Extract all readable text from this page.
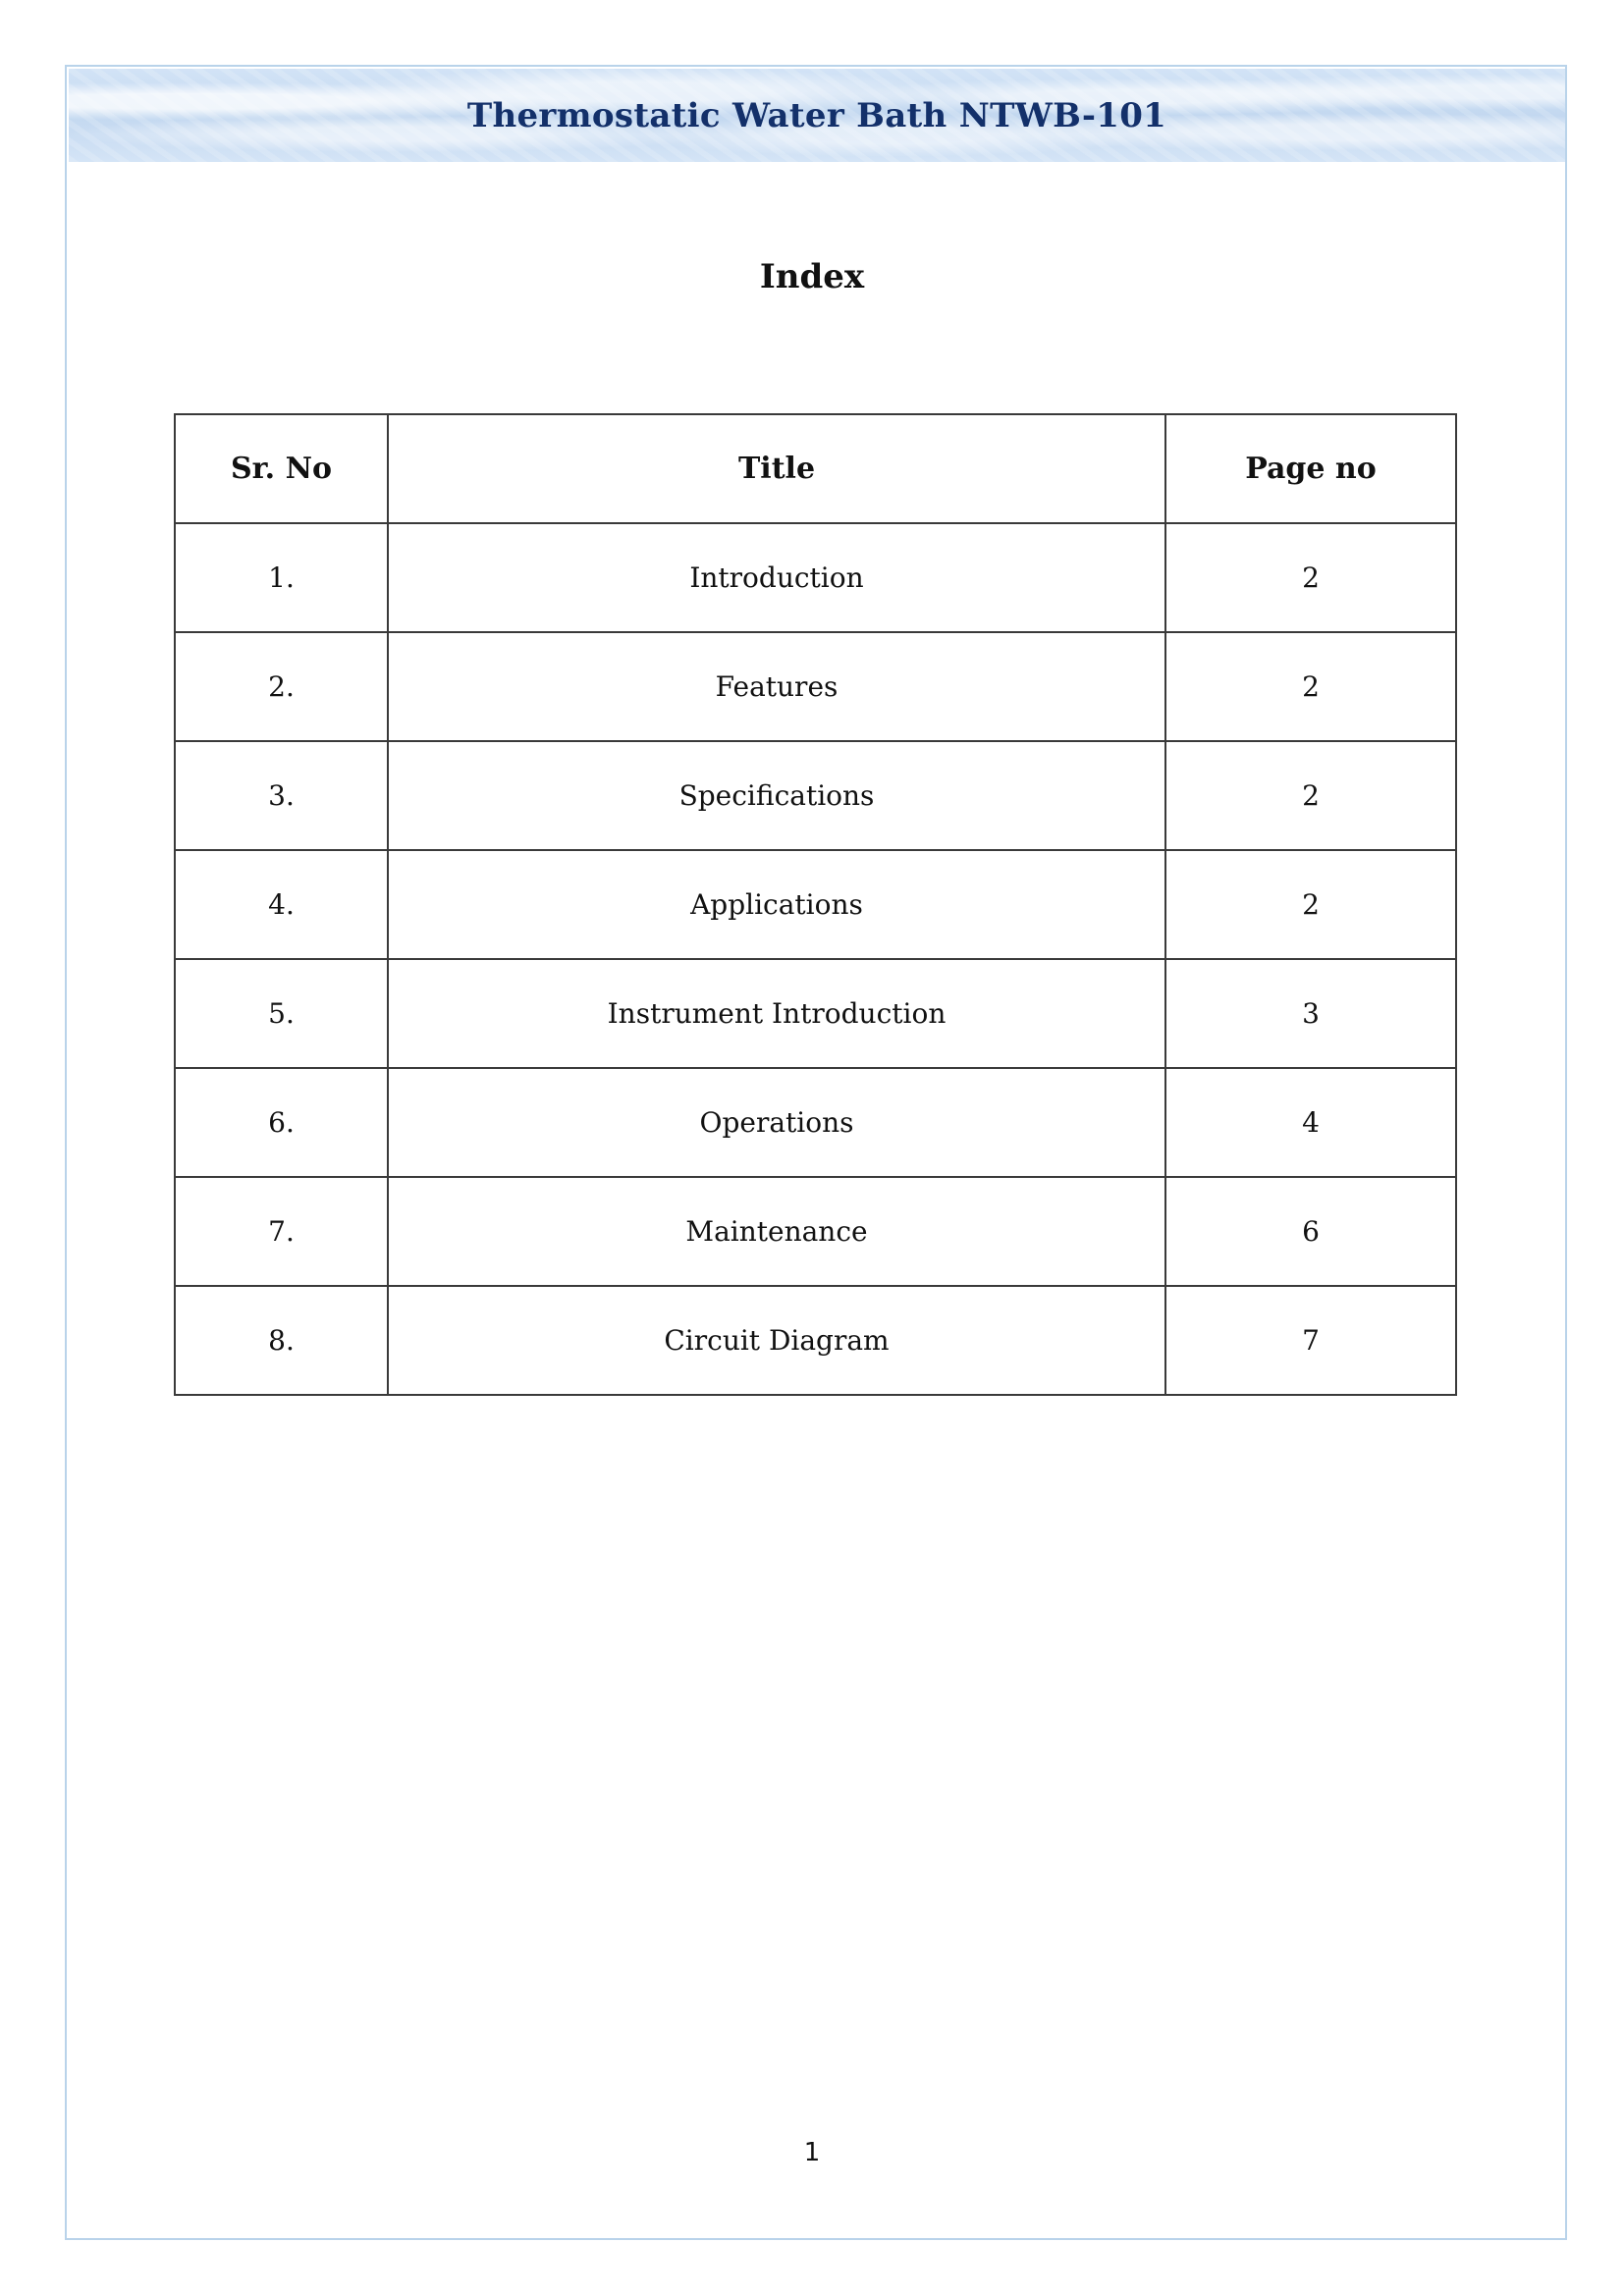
Thermostatic Water Bath NTWB-101
Index
Sr. No	Title	Page no
1.	Introduction	2
2.	Features	2
3.	Specifications	2
4.	Applications	2
5.	Instrument Introduction	3
6.	Operations	4
7.	Maintenance	6
8.	Circuit Diagram	7
1
